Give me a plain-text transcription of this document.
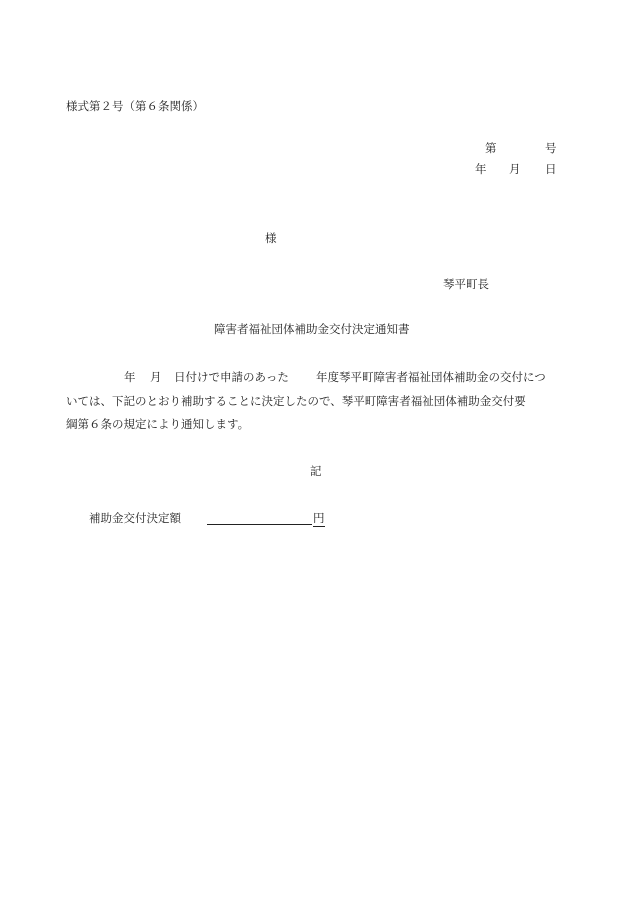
様式第２号（第６条関係）
第	号
年 月 日
様
琴平町長
障害者福祉団体補助金交付決定通知書
年 月 日付けで申請のあった 年度琴平町障害者福祉団体補助金の交付につ
いては、下記のとおり補助することに決定したので、琴平町障害者福祉団体補助金交付要
綱第６条の規定により通知します。
記
補助金交付決定額	円
